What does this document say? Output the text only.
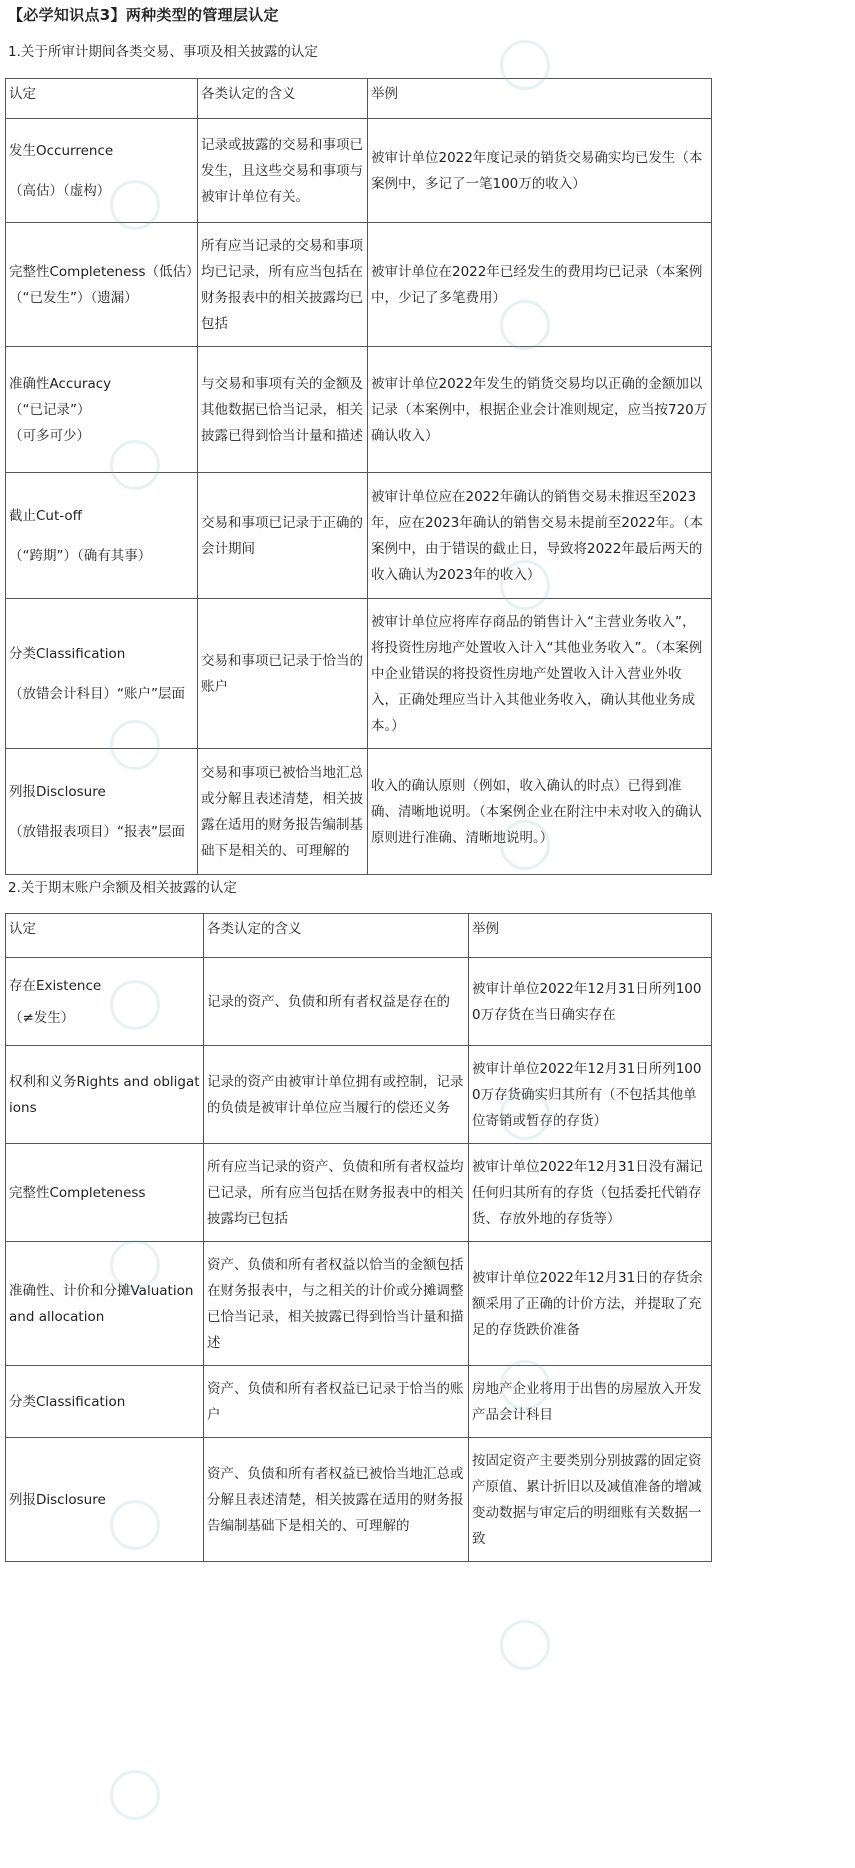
【必学知识点3】两种类型的管理层认定
1.关于所审计期间各类交易、事项及相关披露的认定
认定	各类认定的含义	举例

发生Occurrence
（高估）（虚构）	记录或披露的交易和事项已发生，且这些交易和事项与被审计单位有关。	被审计单位2022年度记录的销货交易确实均已发生（本案例中，多记了一笔100万的收入）

完整性Completeness（低估）
（“已发生”）（遗漏）	所有应当记录的交易和事项均已记录，所有应当包括在财务报表中的相关披露均已包括	被审计单位在2022年已经发生的费用均已记录（本案例中，少记了多笔费用）

准确性Accuracy
（“已记录”）
（可多可少）	与交易和事项有关的金额及其他数据已恰当记录，相关披露已得到恰当计量和描述	被审计单位2022年发生的销货交易均以正确的金额加以记录（本案例中，根据企业会计准则规定，应当按720万确认收入）

截止Cut-off
（“跨期”）（确有其事）	交易和事项已记录于正确的会计期间	被审计单位应在2022年确认的销售交易未推迟至2023年，应在2023年确认的销售交易未提前至2022年。（本案例中，由于错误的截止日，导致将2022年最后两天的收入确认为2023年的收入）

分类Classification
（放错会计科目）“账户”层面	交易和事项已记录于恰当的账户	被审计单位应将库存商品的销售计入“主营业务收入”，将投资性房地产处置收入计入“其他业务收入”。（本案例中企业错误的将投资性房地产处置收入计入营业外收入，正确处理应当计入其他业务收入，确认其他业务成本。）

列报Disclosure
（放错报表项目）“报表”层面	交易和事项已被恰当地汇总或分解且表述清楚，相关披露在适用的财务报告编制基础下是相关的、可理解的	收入的确认原则（例如，收入确认的时点）已得到准确、清晰地说明。（本案例企业在附注中未对收入的确认原则进行准确、清晰地说明。）
2.关于期末账户余额及相关披露的认定
认定	各类认定的含义	举例

存在Existence
（≠发生）	记录的资产、负债和所有者权益是存在的	被审计单位2022年12月31日所列1000万存货在当日确实存在
权利和义务Rights and obligations	记录的资产由被审计单位拥有或控制，记录的负债是被审计单位应当履行的偿还义务	被审计单位2022年12月31日所列1000万存货确实归其所有（不包括其他单位寄销或暂存的存货）
完整性Completeness	所有应当记录的资产、负债和所有者权益均已记录，所有应当包括在财务报表中的相关披露均已包括	被审计单位2022年12月31日没有漏记任何归其所有的存货（包括委托代销存货、存放外地的存货等）
准确性、计价和分摊Valuation and allocation	资产、负债和所有者权益以恰当的金额包括在财务报表中，与之相关的计价或分摊调整已恰当记录，相关披露已得到恰当计量和描述	被审计单位2022年12月31日的存货余额采用了正确的计价方法，并提取了充足的存货跌价准备
分类Classification	资产、负债和所有者权益已记录于恰当的账户	房地产企业将用于出售的房屋放入开发产品会计科目
列报Disclosure	资产、负债和所有者权益已被恰当地汇总或分解且表述清楚，相关披露在适用的财务报告编制基础下是相关的、可理解的	按固定资产主要类别分别披露的固定资产原值、累计折旧以及减值准备的增减变动数据与审定后的明细账有关数据一致
